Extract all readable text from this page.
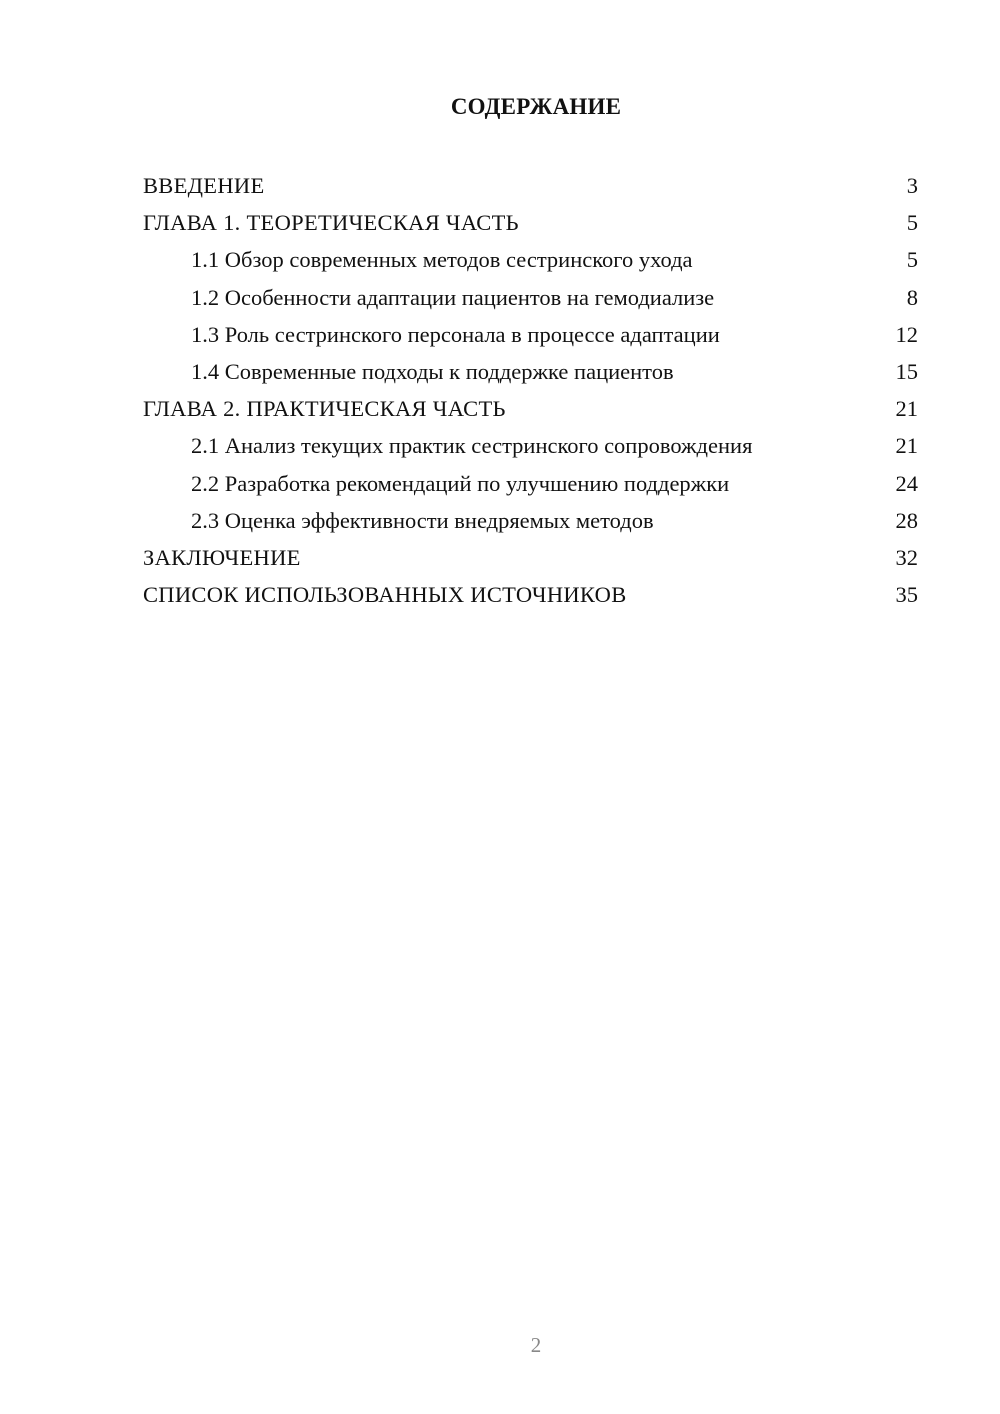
СОДЕРЖАНИЕ
ВВЕДЕНИЕ	3
ГЛАВА 1. ТЕОРЕТИЧЕСКАЯ ЧАСТЬ	5
1.1 Обзор современных методов сестринского ухода	5
1.2 Особенности адаптации пациентов на гемодиализе	8
1.3 Роль сестринского персонала в процессе адаптации	12
1.4 Современные подходы к поддержке пациентов	15
ГЛАВА 2. ПРАКТИЧЕСКАЯ ЧАСТЬ	21
2.1 Анализ текущих практик сестринского сопровождения	21
2.2 Разработка рекомендаций по улучшению поддержки	24
2.3 Оценка эффективности внедряемых методов	28
ЗАКЛЮЧЕНИЕ	32
СПИСОК ИСПОЛЬЗОВАННЫХ ИСТОЧНИКОВ	35
2
